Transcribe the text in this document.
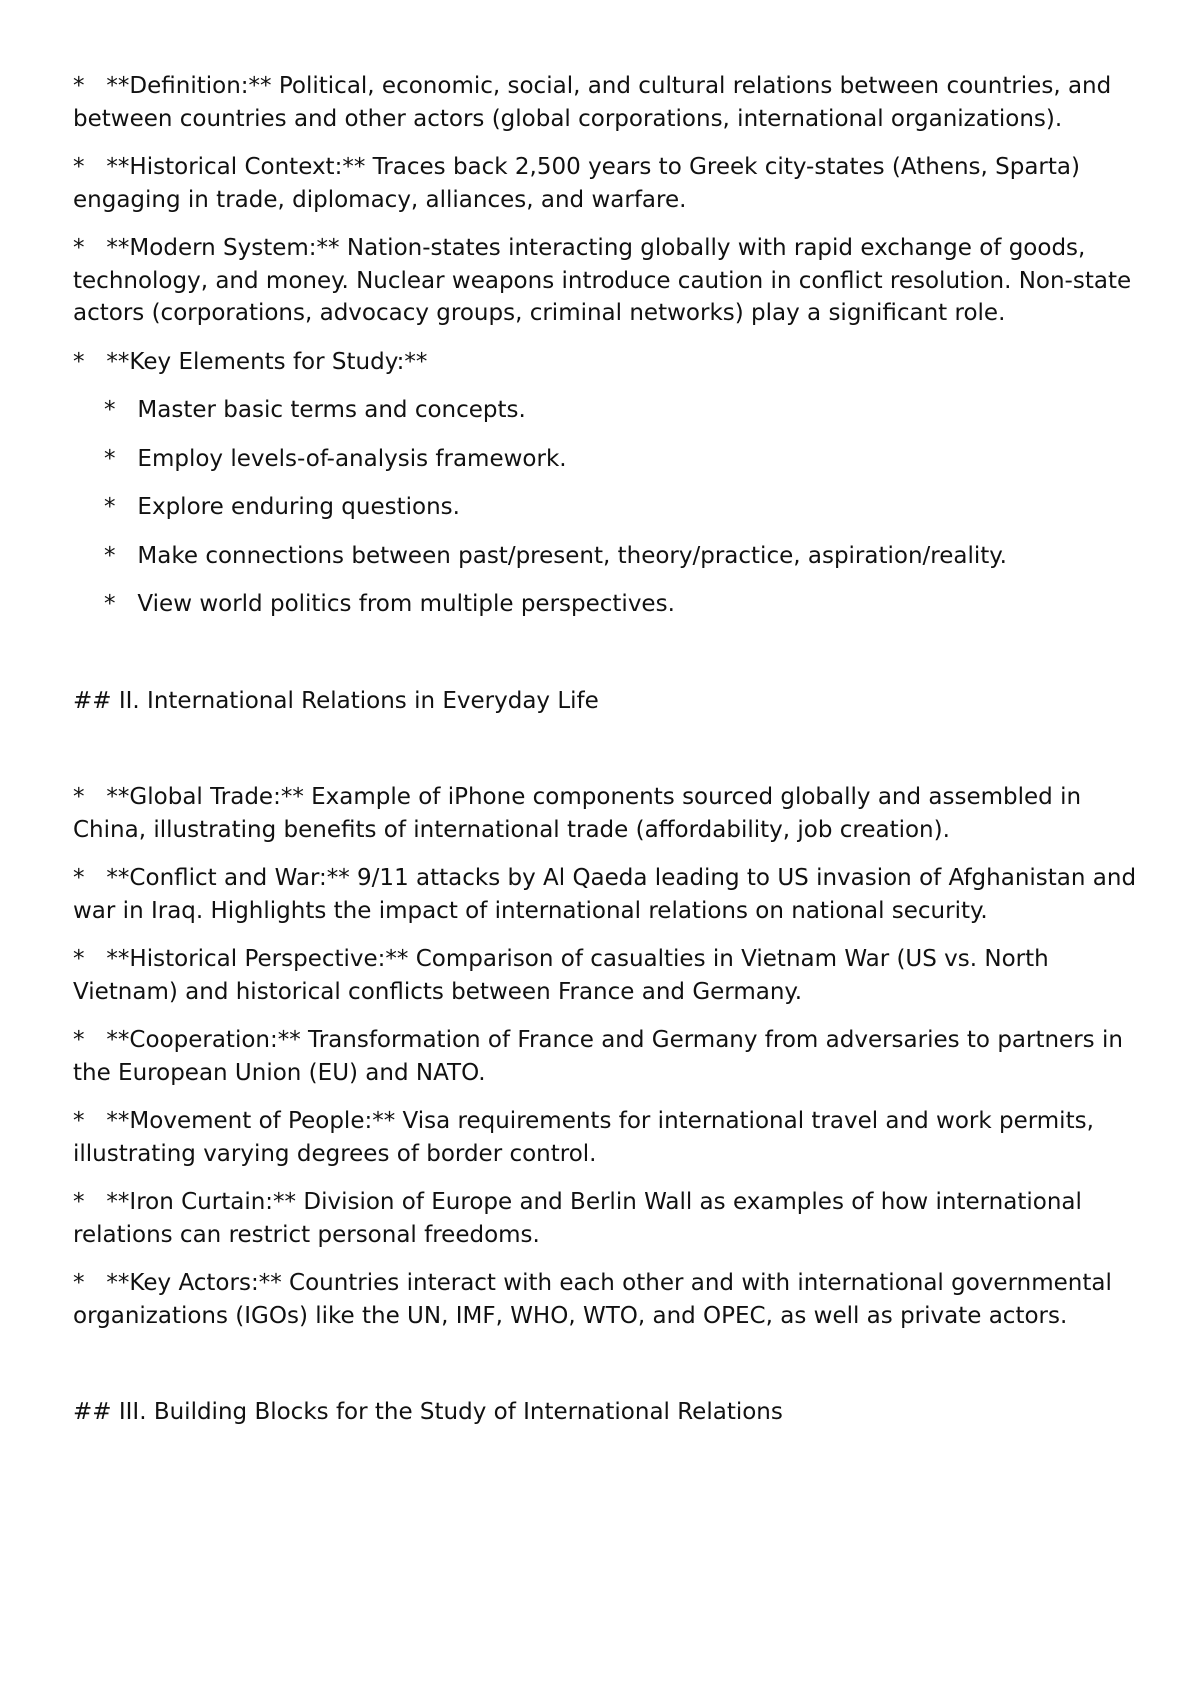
*   **Definition:** Political, economic, social, and cultural relations between countries, and between countries and other actors (global corporations, international organizations).

*   **Historical Context:** Traces back 2,500 years to Greek city-states (Athens, Sparta) engaging in trade, diplomacy, alliances, and warfare.

*   **Modern System:** Nation-states interacting globally with rapid exchange of goods, technology, and money. Nuclear weapons introduce caution in conflict resolution. Non-state actors (corporations, advocacy groups, criminal networks) play a significant role.

*   **Key Elements for Study:**

*   Master basic terms and concepts.

*   Employ levels-of-analysis framework.

*   Explore enduring questions.

*   Make connections between past/present, theory/practice, aspiration/reality.

*   View world politics from multiple perspectives.

## II. International Relations in Everyday Life

*   **Global Trade:** Example of iPhone components sourced globally and assembled in China, illustrating benefits of international trade (affordability, job creation).

*   **Conflict and War:** 9/11 attacks by Al Qaeda leading to US invasion of Afghanistan and war in Iraq. Highlights the impact of international relations on national security.

*   **Historical Perspective:** Comparison of casualties in Vietnam War (US vs. North Vietnam) and historical conflicts between France and Germany.

*   **Cooperation:** Transformation of France and Germany from adversaries to partners in the European Union (EU) and NATO.

*   **Movement of People:** Visa requirements for international travel and work permits, illustrating varying degrees of border control.

*   **Iron Curtain:** Division of Europe and Berlin Wall as examples of how international relations can restrict personal freedoms.

*   **Key Actors:** Countries interact with each other and with international governmental organizations (IGOs) like the UN, IMF, WHO, WTO, and OPEC, as well as private actors.

## III. Building Blocks for the Study of International Relations
